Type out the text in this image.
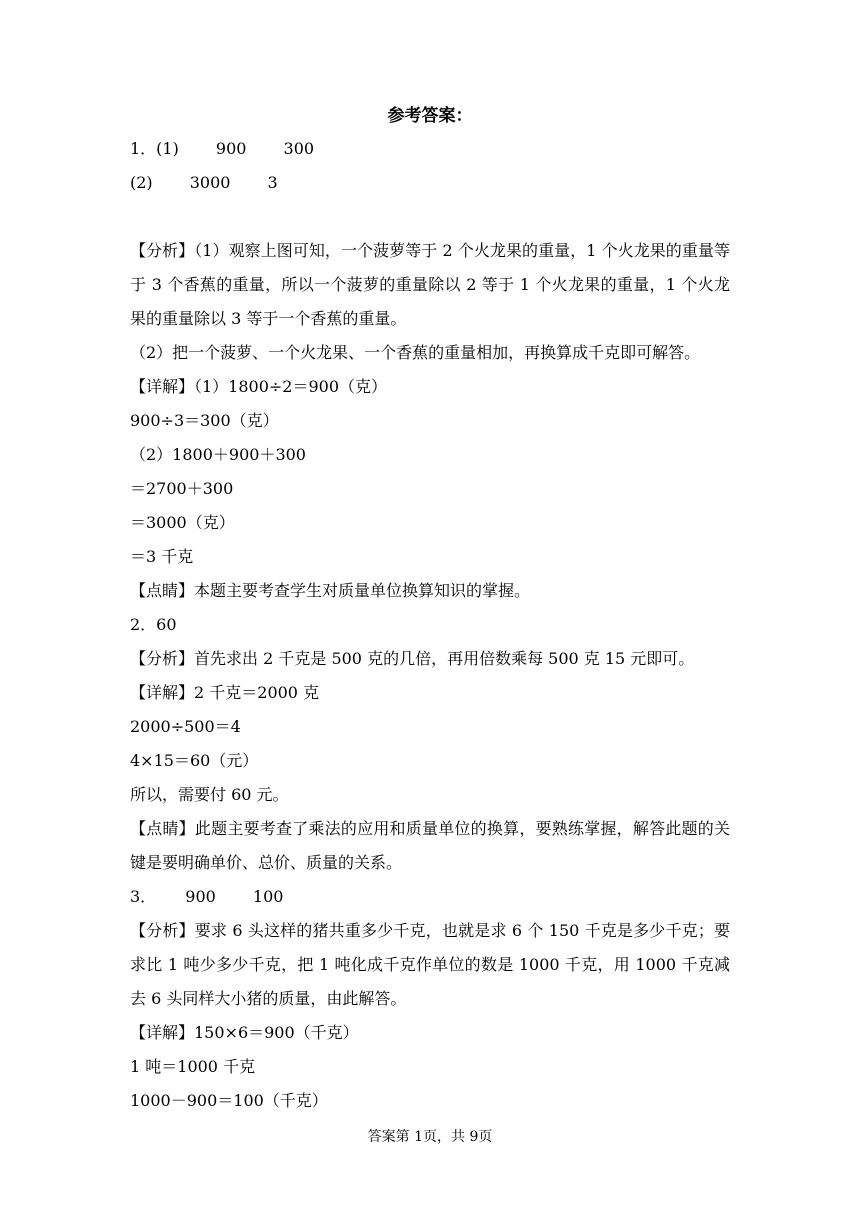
参考答案：
1．(1)　　 900　　 300
(2)　　 3000　　 3
【分析】（1）观察上图可知，一个菠萝等于 2 个火龙果的重量，1 个火龙果的重量等于 3 个香蕉的重量，所以一个菠萝的重量除以 2 等于 1 个火龙果的重量，1 个火龙果的重量除以 3 等于一个香蕉的重量。
（2）把一个菠萝、一个火龙果、一个香蕉的重量相加，再换算成千克即可解答。
【详解】（1）1800÷2＝900（克）
900÷3＝300（克）
（2）1800＋900＋300
＝2700＋300
＝3000（克）
＝3 千克
【点睛】本题主要考查学生对质量单位换算知识的掌握。
2．60
【分析】首先求出 2 千克是 500 克的几倍，再用倍数乘每 500 克 15 元即可。
【详解】2 千克＝2000 克
2000÷500＝4
4×15＝60（元）
所以，需要付 60 元。
【点睛】此题主要考查了乘法的应用和质量单位的换算，要熟练掌握，解答此题的关键是要明确单价、总价、质量的关系。
3．　　 900　　 100
【分析】要求 6 头这样的猪共重多少千克，也就是求 6 个 150 千克是多少千克；要求比 1 吨少多少千克，把 1 吨化成千克作单位的数是 1000 千克，用 1000 千克减去 6 头同样大小猪的质量，由此解答。
【详解】150×6＝900（千克）
1 吨＝1000 千克
1000－900＝100（千克）
答案第 1页，共 9页
